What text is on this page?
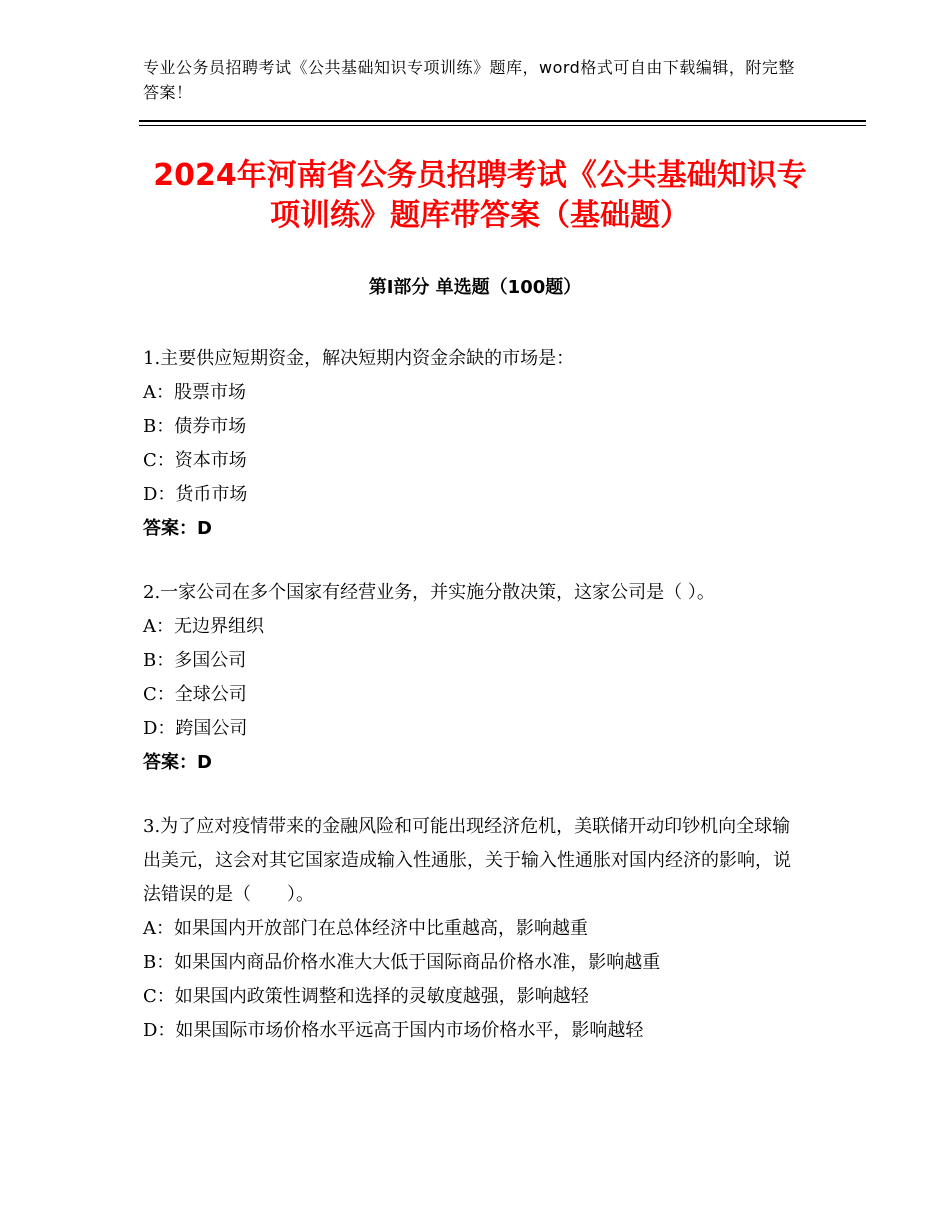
专业公务员招聘考试《公共基础知识专项训练》题库，word格式可自由下载编辑，附完整答案！
2024年河南省公务员招聘考试《公共基础知识专项训练》题库带答案（基础题）
第Ⅰ部分 单选题（100题）

1.主要供应短期资金，解决短期内资金余缺的市场是：

A：股票市场

B：债券市场

C：资本市场

D：货币市场

答案：D

2.一家公司在多个国家有经营业务，并实施分散决策，这家公司是（ ）。

A：无边界组织

B：多国公司

C：全球公司

D：跨国公司

答案：D

3.为了应对疫情带来的金融风险和可能出现经济危机，美联储开动印钞机向全球输出美元，这会对其它国家造成输入性通胀，关于输入性通胀对国内经济的影响，说法错误的是（　　）。

A：如果国内开放部门在总体经济中比重越高，影响越重

B：如果国内商品价格水准大大低于国际商品价格水准，影响越重

C：如果国内政策性调整和选择的灵敏度越强，影响越轻

D：如果国际市场价格水平远高于国内市场价格水平，影响越轻
